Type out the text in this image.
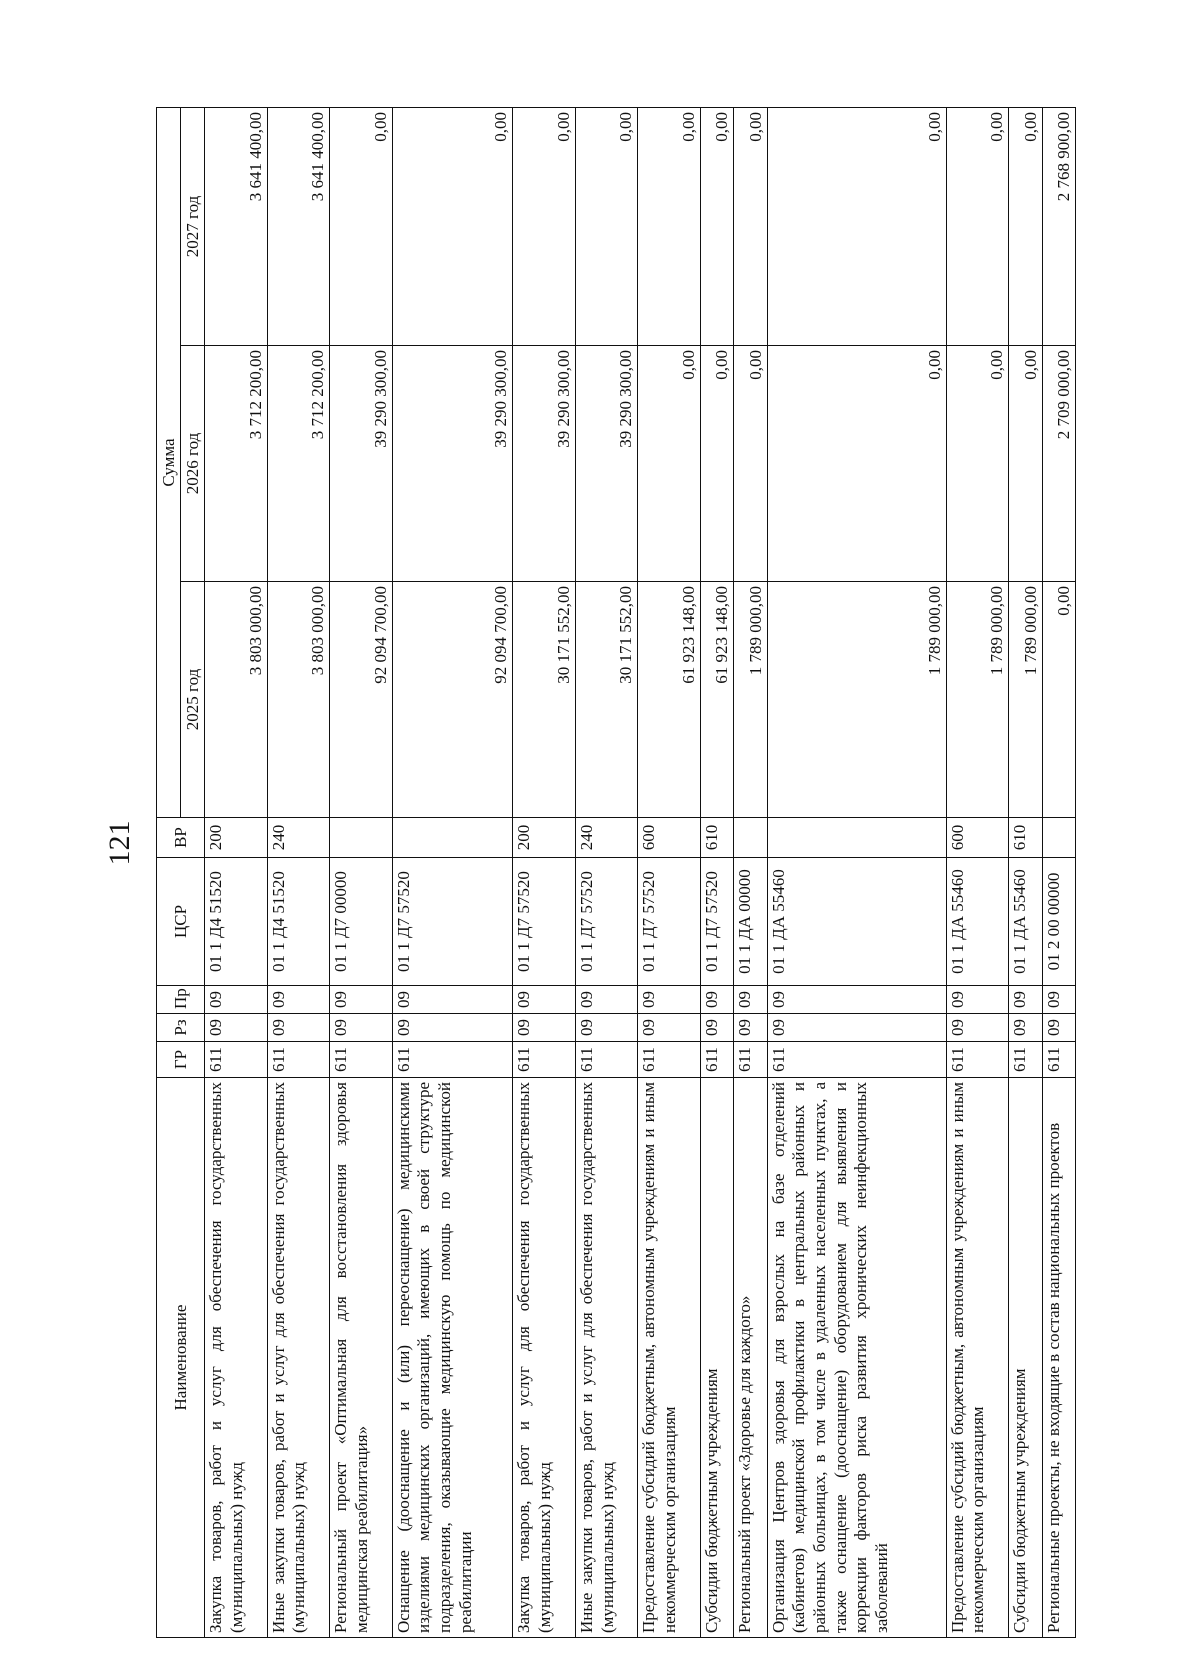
121
Наименование	ГР	Рз	Пр	ЦСР	ВР	Сумма		
						2025 год	2026 год	2027 год
Закупка товаров, работ и услуг для обеспечения государственных (муниципальных) нужд	611	09	09	01 1 Д4 51520	200	3 803 000,00	3 712 200,00	3 641 400,00
Иные закупки товаров, работ и услуг для обеспечения государственных (муниципальных) нужд	611	09	09	01 1 Д4 51520	240	3 803 000,00	3 712 200,00	3 641 400,00
Региональный проект «Оптимальная для восстановления здоровья медицинская реабилитация»	611	09	09	01 1 Д7 00000		92 094 700,00	39 290 300,00	0,00
Оснащение (дооснащение и (или) переоснащение) медицинскими изделиями медицинских организаций, имеющих в своей структуре подразделения, оказывающие медицинскую помощь по медицинской реабилитации	611	09	09	01 1 Д7 57520		92 094 700,00	39 290 300,00	0,00
Закупка товаров, работ и услуг для обеспечения государственных (муниципальных) нужд	611	09	09	01 1 Д7 57520	200	30 171 552,00	39 290 300,00	0,00
Иные закупки товаров, работ и услуг для обеспечения государственных (муниципальных) нужд	611	09	09	01 1 Д7 57520	240	30 171 552,00	39 290 300,00	0,00
Предоставление субсидий бюджетным, автономным учреждениям и иным некоммерческим организациям	611	09	09	01 1 Д7 57520	600	61 923 148,00	0,00	0,00
Субсидии бюджетным учреждениям	611	09	09	01 1 Д7 57520	610	61 923 148,00	0,00	0,00
Региональный проект «Здоровье для каждого»	611	09	09	01 1 ДА 00000		1 789 000,00	0,00	0,00
Организация Центров здоровья для взрослых на базе отделений (кабинетов) медицинской профилактики в центральных районных и районных больницах, в том числе в удаленных населенных пунктах, а также оснащение (дооснащение) оборудованием для выявления и коррекции факторов риска развития хронических неинфекционных заболеваний	611	09	09	01 1 ДА 55460		1 789 000,00	0,00	0,00
Предоставление субсидий бюджетным, автономным учреждениям и иным некоммерческим организациям	611	09	09	01 1 ДА 55460	600	1 789 000,00	0,00	0,00
Субсидии бюджетным учреждениям	611	09	09	01 1 ДА 55460	610	1 789 000,00	0,00	0,00
Региональные проекты, не входящие в состав национальных проектов	611	09	09	01 2 00 00000		0,00	2 709 000,00	2 768 900,00
